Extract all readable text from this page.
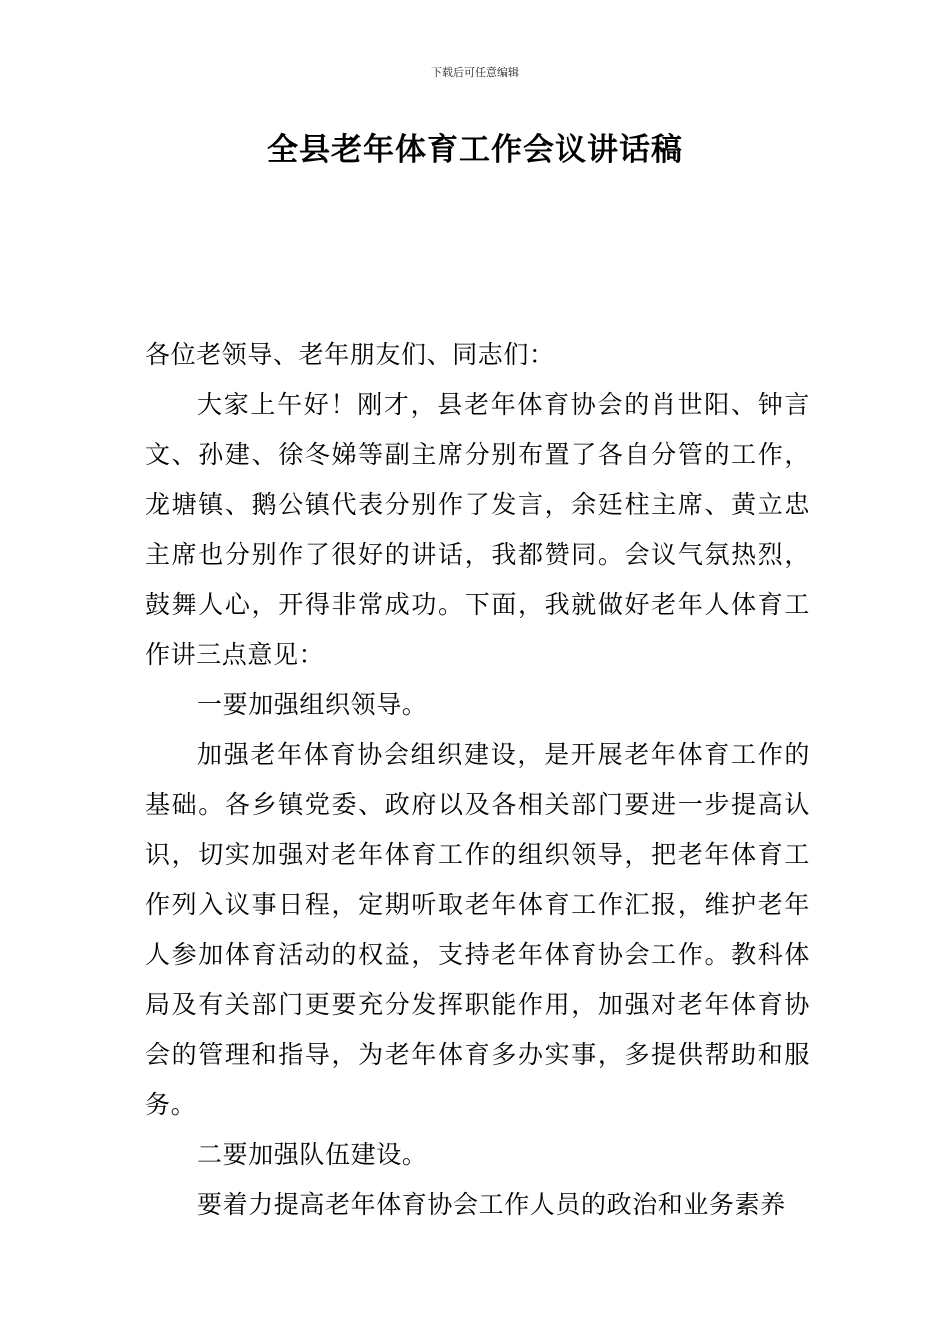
下载后可任意编辑
全县老年体育工作会议讲话稿

各位老领导、老年朋友们、同志们：

大家上午好！刚才，县老年体育协会的肖世阳、钟言文、孙建、徐冬娣等副主席分别布置了各自分管的工作，龙塘镇、鹅公镇代表分别作了发言，余廷柱主席、黄立忠主席也分别作了很好的讲话，我都赞同。会议气氛热烈，鼓舞人心，开得非常成功。下面，我就做好老年人体育工作讲三点意见：

一要加强组织领导。

加强老年体育协会组织建设，是开展老年体育工作的基础。各乡镇党委、政府以及各相关部门要进一步提高认识，切实加强对老年体育工作的组织领导，把老年体育工作列入议事日程，定期听取老年体育工作汇报，维护老年人参加体育活动的权益，支持老年体育协会工作。教科体局及有关部门更要充分发挥职能作用，加强对老年体育协会的管理和指导，为老年体育多办实事，多提供帮助和服务。

二要加强队伍建设。

要着力提高老年体育协会工作人员的政治和业务素养
